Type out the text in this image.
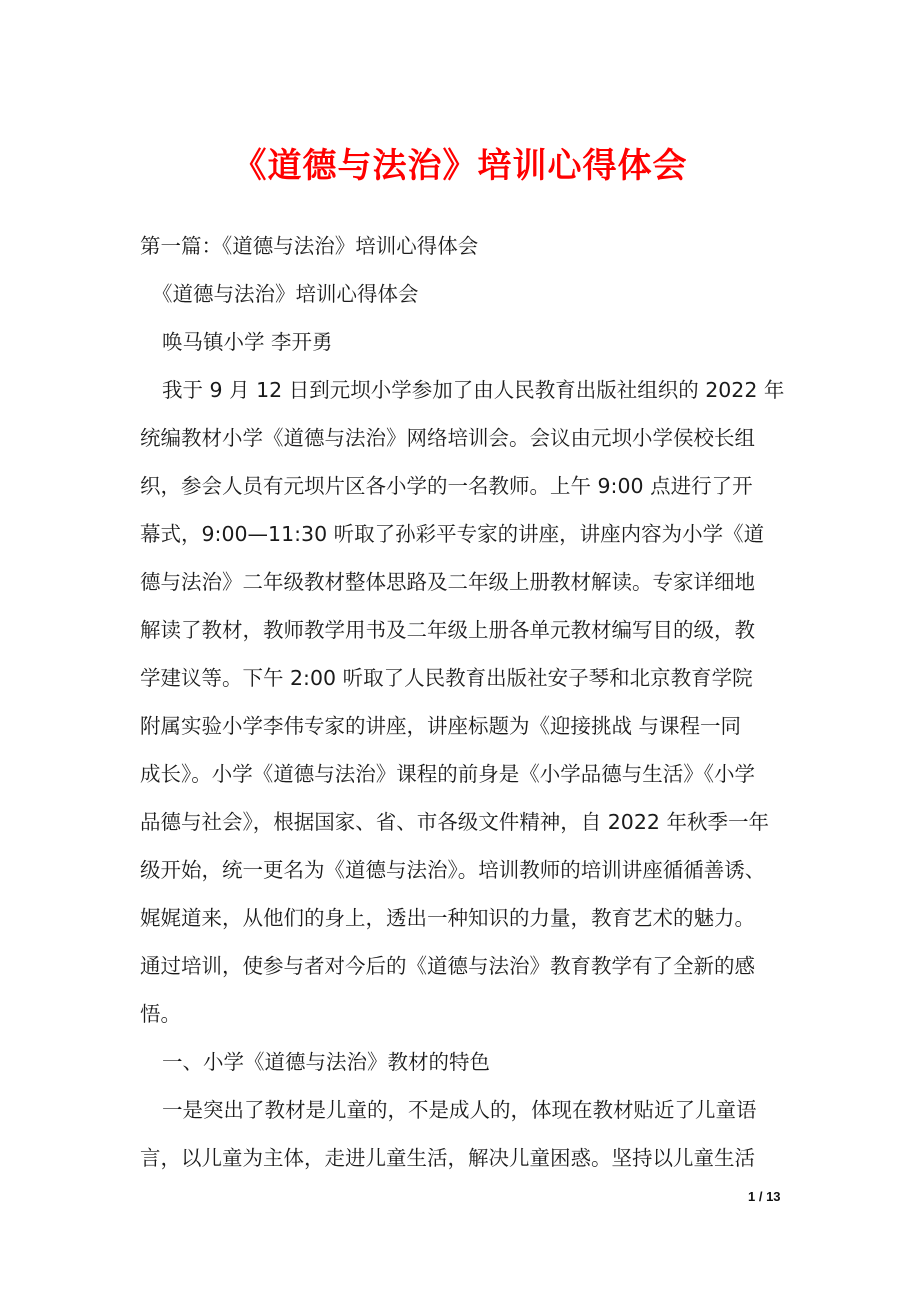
《道德与法治》培训心得体会
第一篇：《道德与法治》培训心得体会
《道德与法治》培训心得体会
唤马镇小学 李开勇
我于 9 月 12 日到元坝小学参加了由人民教育出版社组织的 2022 年
统编教材小学《道德与法治》网络培训会。会议由元坝小学侯校长组
织，参会人员有元坝片区各小学的一名教师。上午 9:00 点进行了开
幕式，9:00—11:30 听取了孙彩平专家的讲座，讲座内容为小学《道
德与法治》二年级教材整体思路及二年级上册教材解读。专家详细地
解读了教材，教师教学用书及二年级上册各单元教材编写目的级，教
学建议等。下午 2:00 听取了人民教育出版社安子琴和北京教育学院
附属实验小学李伟专家的讲座，讲座标题为《迎接挑战 与课程一同
成长》。小学《道德与法治》课程的前身是《小学品德与生活》《小学
品德与社会》，根据国家、省、市各级文件精神，自 2022 年秋季一年
级开始，统一更名为《道德与法治》。培训教师的培训讲座循循善诱、
娓娓道来，从他们的身上，透出一种知识的力量，教育艺术的魅力。
通过培训，使参与者对今后的《道德与法治》教育教学有了全新的感
悟。
一、小学《道德与法治》教材的特色
一是突出了教材是儿童的，不是成人的，体现在教材贴近了儿童语
言，以儿童为主体，走进儿童生活，解决儿童困惑。坚持以儿童生活
1 / 13
